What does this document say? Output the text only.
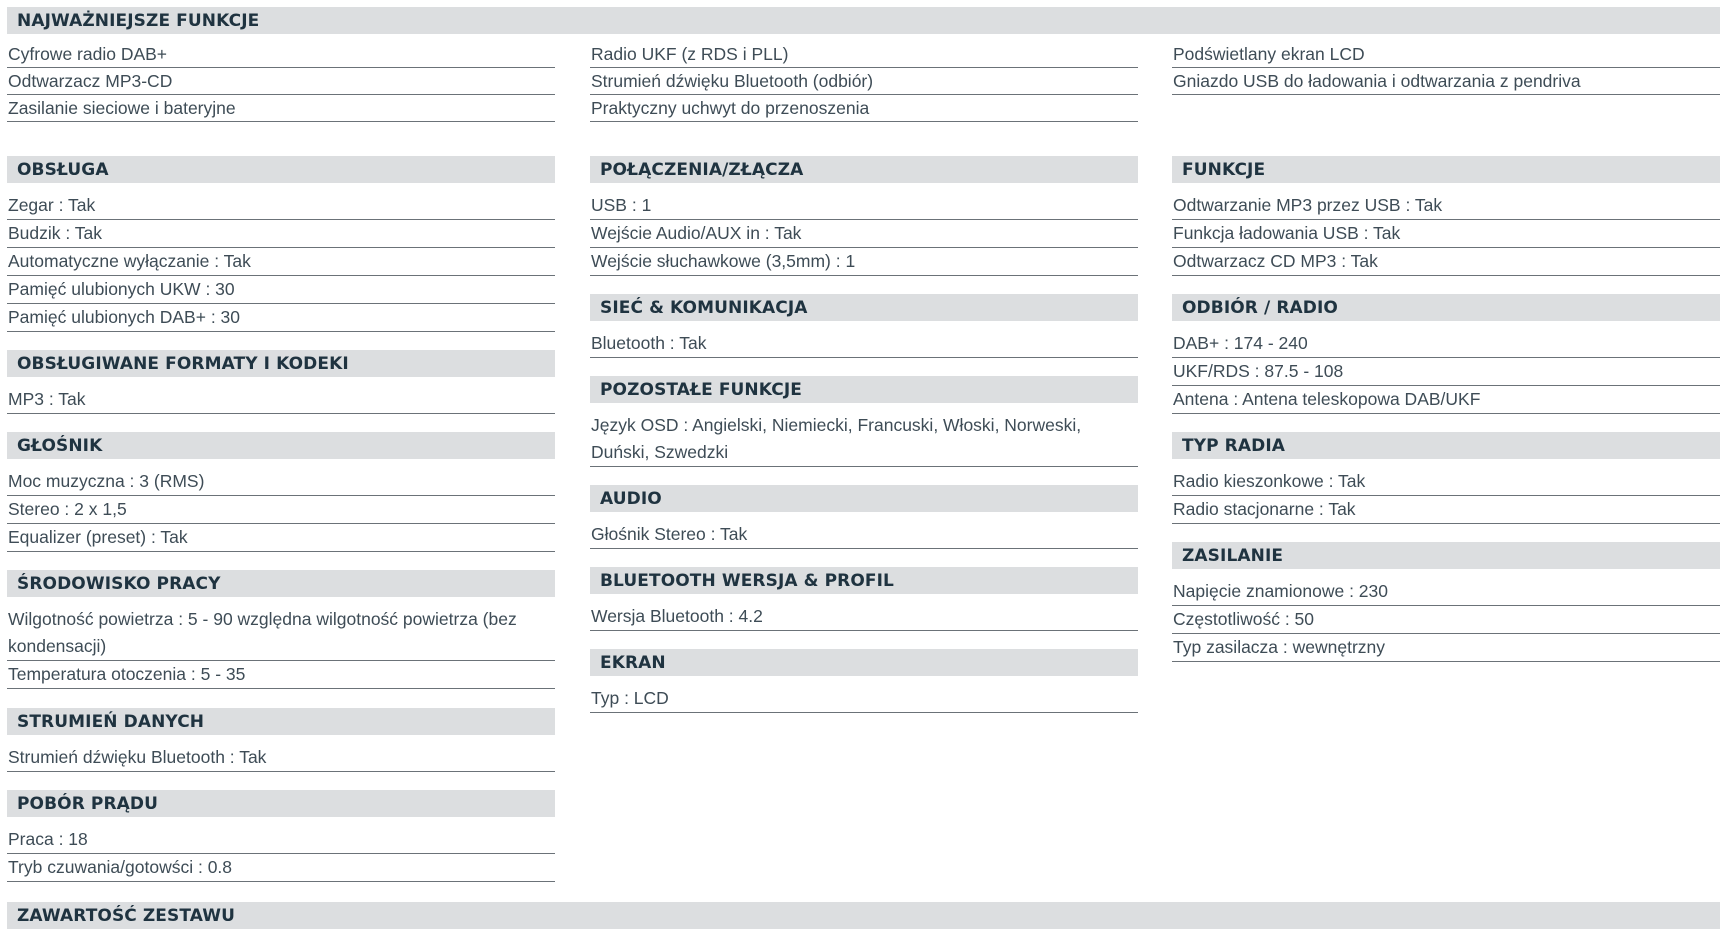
NAJWAŻNIEJSZE FUNKCJE
Cyfrowe radio DAB+
Odtwarzacz MP3-CD
Zasilanie sieciowe i bateryjne
Radio UKF (z RDS i PLL)
Strumień dźwięku Bluetooth (odbiór)
Praktyczny uchwyt do przenoszenia
Podświetlany ekran LCD
Gniazdo USB do ładowania i odtwarzania z pendriva
OBSŁUGA
Zegar : Tak
Budzik : Tak
Automatyczne wyłączanie : Tak
Pamięć ulubionych UKW : 30
Pamięć ulubionych DAB+ : 30
OBSŁUGIWANE FORMATY I KODEKI
MP3 : Tak
GŁOŚNIK
Moc muzyczna : 3 (RMS)
Stereo : 2 x 1,5
Equalizer (preset) : Tak
ŚRODOWISKO PRACY
Wilgotność powietrza : 5 - 90 względna wilgotność powietrza (bez kondensacji)
Temperatura otoczenia : 5 - 35
STRUMIEŃ DANYCH
Strumień dźwięku Bluetooth : Tak
POBÓR PRĄDU
Praca : 18
Tryb czuwania/gotowści : 0.8
POŁĄCZENIA/ZŁĄCZA
USB : 1
Wejście Audio/AUX in : Tak
Wejście słuchawkowe (3,5mm) : 1
SIEĆ & KOMUNIKACJA
Bluetooth : Tak
POZOSTAŁE FUNKCJE
Język OSD : Angielski, Niemiecki, Francuski, Włoski, Norweski, Duński, Szwedzki
AUDIO
Głośnik Stereo : Tak
BLUETOOTH WERSJA & PROFIL
Wersja Bluetooth : 4.2
EKRAN
Typ : LCD
FUNKCJE
Odtwarzanie MP3 przez USB : Tak
Funkcja ładowania USB : Tak
Odtwarzacz CD MP3 : Tak
ODBIÓR / RADIO
DAB+ : 174 - 240
UKF/RDS : 87.5 - 108
Antena : Antena teleskopowa DAB/UKF
TYP RADIA
Radio kieszonkowe : Tak
Radio stacjonarne : Tak
ZASILANIE
Napięcie znamionowe : 230
Częstotliwość : 50
Typ zasilacza : wewnętrzny
ZAWARTOŚĆ ZESTAWU
